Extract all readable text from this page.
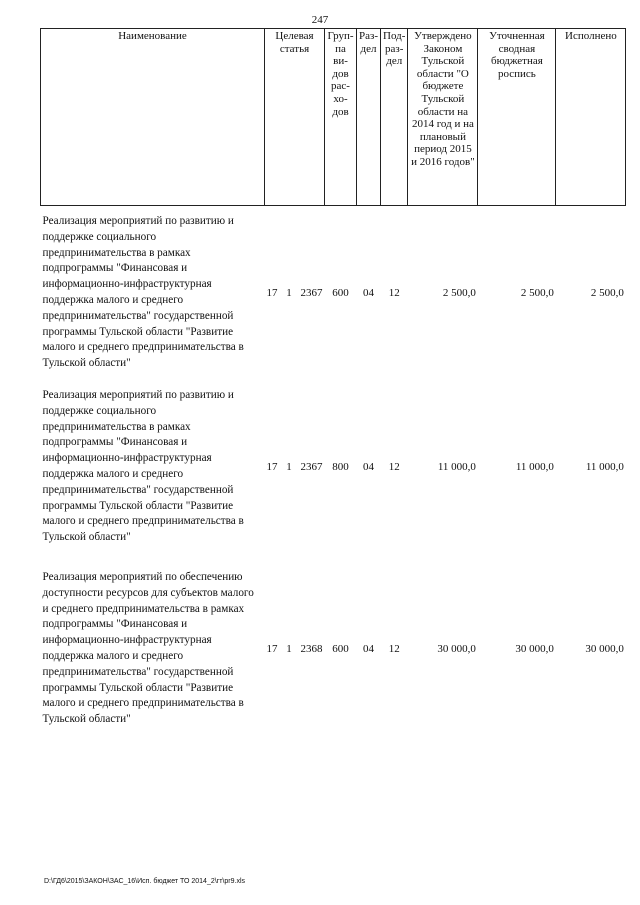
247
Наименование	Целевая статья	Груп- па ви- дов рас- хо- дов	Раз- дел	Под- раз- дел	Утверждено Законом Тульской области "О бюджете Тульской области на 2014 год и на плановый период 2015 и 2016 годов"	Уточненная сводная бюджетная роспись	Исполнено
Реализация мероприятий по развитию и поддержке социального предпринимательства в рамках подпрограммы "Финансовая и информационно-инфраструктурная поддержка малого и среднего предпринимательства" государственной программы Тульской области "Развитие малого и среднего предпринимательства в Тульской области"	17 1 2367	600	04	12	2 500,0	2 500,0	2 500,0
Реализация мероприятий по развитию и поддержке социального предпринимательства в рамках подпрограммы "Финансовая и информационно-инфраструктурная поддержка малого и среднего предпринимательства" государственной программы Тульской области "Развитие малого и среднего предпринимательства в Тульской области"	17 1 2367	800	04	12	11 000,0	11 000,0	11 000,0
Реализация мероприятий по обеспечению доступности ресурсов для субъектов малого и среднего предпринимательства в рамках подпрограммы "Финансовая и информационно-инфраструктурная поддержка малого и среднего предпринимательства" государственной программы Тульской области "Развитие малого и среднего предпринимательства в Тульской области"	17 1 2368	600	04	12	30 000,0	30 000,0	30 000,0
D:\ГД6\2015\ЗАКОН\ЗАС_16\Исп. бюджет ТО 2014_2\гт\pr9.xls
